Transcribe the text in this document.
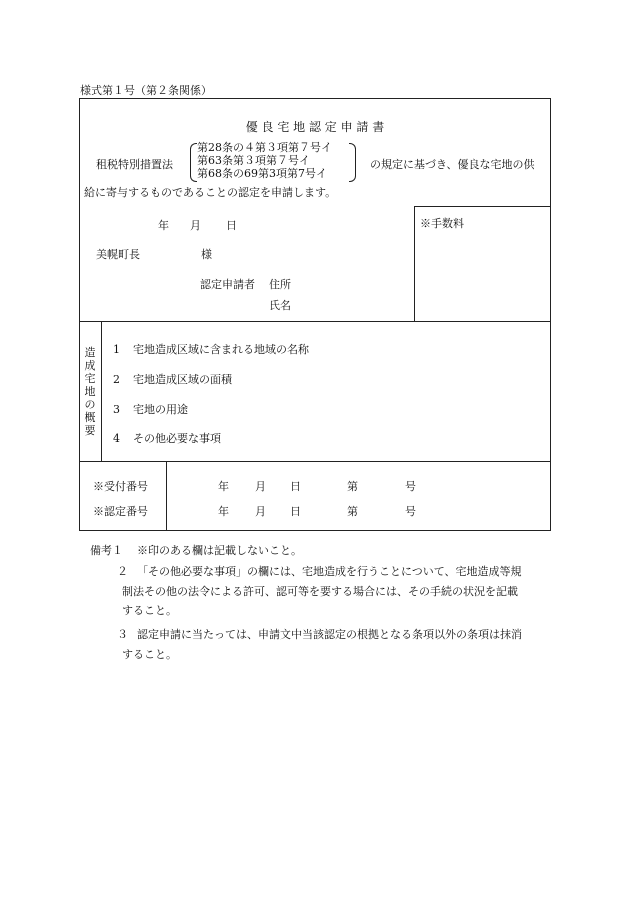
様式第１号（第２条関係）
優 良 宅 地 認 定 申 請 書
租税特別措置法
第28条の４第３項第７号イ
第63条第３項第７号イ
第68条の69第3項第7号イ
の規定に基づき、優良な宅地の供
給に寄与するものであることの認定を申請します。
年 月 日	※手数料
美幌町長	様
認定申請者 住所
氏名
造
成
宅
地
の
概
要
1 宅地造成区域に含まれる地域の名称
2 宅地造成区域の面積
3 宅地の用途
4 その他必要な事項
※受付番号	年 月 日	第	号
※認定番号	年 月 日	第	号
備考１ ※印のある欄は記載しないこと。
２ 「その他必要な事項」の欄には、宅地造成を行うことについて、宅地造成等規
制法その他の法令による許可、認可等を要する場合には、その手続の状況を記載
すること。
３ 認定申請に当たっては、申請文中当該認定の根拠となる条項以外の条項は抹消
すること。
